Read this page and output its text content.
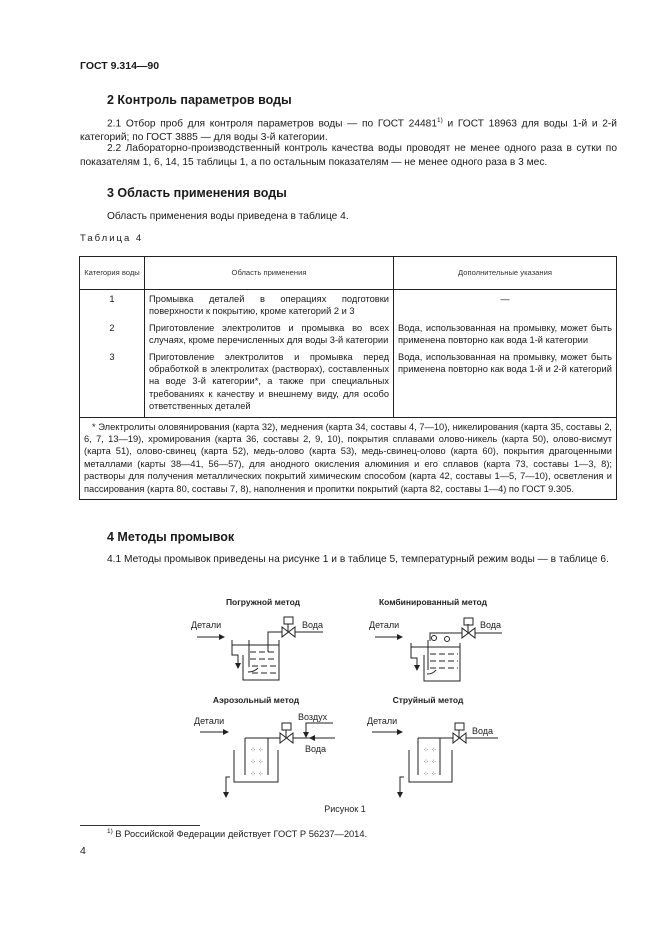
ГОСТ 9.314—90
2 Контроль параметров воды
2.1 Отбор проб для контроля параметров воды — по ГОСТ 24481$^{1)}$ и ГОСТ 18963 для воды 1-й и 2-й категорий; по ГОСТ 3885 — для воды 3-й категории.
2.2 Лабораторно-производственный контроль качества воды проводят не менее одного раза в сутки по показателям 1, 6, 14, 15 таблицы 1, а по остальным показателям — не менее одного раза в 3 мес.
3 Область применения воды
Область применения воды приведена в таблице 4.
Таблица 4
Категория воды	Область применения	Дополнительные указания
1	Промывка деталей в операциях подготовки поверхности к покрытию, кроме категорий 2 и 3	—
2	Приготовление электролитов и промывка во всех случаях, кроме перечисленных для воды 3-й категории	Вода, использованная на промывку, может быть применена повторно как вода 1-й категории
3	Приготовление электролитов и промывка перед обработкой в электролитах (растворах), составленных на воде 3-й категории*, а также при специальных требованиях к качеству и внешнему виду, для особо ответственных деталей	Вода, использованная на промывку, может быть применена повторно как вода 1-й и 2-й категорий
* Электролиты оловянирования (карта 32), меднения (карта 34, составы 4, 7—10), никелирования (карта 35, составы 2, 6, 7, 13—19), хромирования (карта 36, составы 2, 9, 10), покрытия сплавами олово-никель (карта 50), олово-висмут (карта 51), олово-свинец (карта 52), медь-олово (карта 53), медь-свинец-олово (карта 60), покрытия драгоценными металлами (карты 38—41, 56—57), для анодного окисления алюминия и его сплавов (карта 73, составы 1—3, 8); растворы для получения металлических покрытий химическим способом (карта 42, составы 1—5, 7—10), осветления и пассирования (карта 80, составы 7, 8), наполнения и пропитки покрытий (карта 82, составы 1—4) по ГОСТ 9.305.		
4 Методы промывок
4.1 Методы промывок приведены на рисунке 1 и в таблице 5, температурный режим воды — в таблице 6.
⁘ ⁘
⁘ ⁘
⁘ ⁘
⁘ ⁘
⁘ ⁘
⁘ ⁘
Погружной метод	Комбинированный метод
Аэрозольный метод	Струйный метод
Детали	Вода	Детали	Вода
Детали	Воздух
Вода
Детали
Вода
Рисунок 1
$^{1)}$ В Российской Федерации действует ГОСТ Р 56237—2014.
4
